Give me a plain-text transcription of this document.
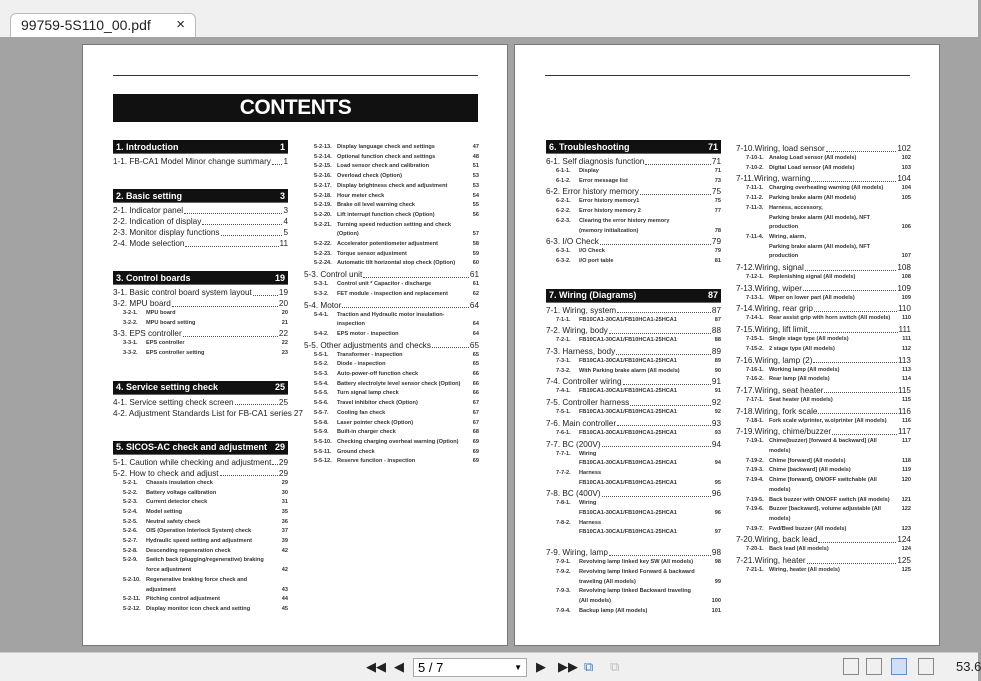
99759-5S110_00.pdf ×
CONTENTS
1. Introduction	1
1-1. FB-CA1 Model Minor change summary 1
2. Basic setting	3
2-1. Indicator panel	3
2-2. Indication of display	4
2-3. Monitor display functions	5
2-4. Mode selection	11
3. Control boards	19
3-1. Basic control board system layout	19
3-2. MPU board	20
3-2-1.	MPU board	20
3-2-2.	MPU board setting	21
3-3. EPS controller	22
3-3-1.	EPS controller	22
3-3-2.	EPS controller setting	23
4. Service setting check	25
4-1. Service setting check screen	25
4-2. Adjustment Standards List for FB-CA1 series 27
5. SICOS-AC check and adjustment 29
5-1. Caution while checking and adjustment 29
5-2. How to check and adjust	29
5-2-1.	Chassis insulation check	29
5-2-2.	Battery voltage calibration	30
5-2-3.	Current detector check	31
5-2-4.	Model setting	35
5-2-5.	Neutral safety check	36
5-2-6.	OIS (Operation Interlock System) check	37
5-2-7.	Hydraulic speed setting and adjustment	39
5-2-8.	Descending regeneration check	42
5-2-9.	Switch back (plugging/regenerative) braking
force adjustment	42
5-2-10. Regenerative braking force check and
adjustment	43
5-2-11. Pitching control adjustment	44
5-2-12. Display monitor icon check and setting	45
5-2-13. Display language check and settings	47
5-2-14. Optional function check and settings	48
5-2-15. Load sensor check and calibration	51
5-2-16. Overload check (Option)	53
5-2-17. Display brightness check and adjustment	53
5-2-18. Hour meter check	54
5-2-19. Brake oil level warning check	55
5-2-20. Lift interrupt function check (Option)	56
5-2-21. Turning speed reduction setting and check
(Option)	57
5-2-22. Accelerator potentiometer adjustment	58
5-2-23. Torque sensor adjustment	59
5-2-24. Automatic tilt horizontal stop check (Option)	60
5-3. Control unit	61
5-3-1.	Control unit * Capacitor - discharge	61
5-3-2.	FET module - inspection and replacement	62
5-4. Motor	64
5-4-1.	Traction and Hydraulic motor insulation-
inspection	64
5-4-2.	EPS motor - inspection	64
5-5. Other adjustments and checks	65
5-5-1.	Transformer - inspection	65
5-5-2.	Diode - inspection	65
5-5-3.	Auto-power-off function check	66
5-5-4.	Battery electrolyte level sensor check (Option)	66
5-5-5.	Turn signal lamp check	66
5-5-6.	Travel inhibitor check (Option)	67
5-5-7.	Cooling fan check	67
5-5-8.	Laser pointer check (Option)	67
5-5-9.	Built-in charger check	68
5-5-10. Checking charging overheat warning (Option)	69
5-5-11. Ground check	69
5-5-12. Reserve function - inspection	69
6. Troubleshooting	71
6-1. Self diagnosis function	71
6-1-1.	Display	71
6-1-2.	Error message list	73
6-2. Error history memory	75
6-2-1.	Error history memory1	75
6-2-2.	Error history memory 2	77
6-2-3.	Clearing the error history memory
(memory initialization)	78
6-3. I/O Check	79
6-3-1.	I/O Check	79
6-3-2.	I/O port table	81
7. Wiring (Diagrams)	87
7-1. Wiring, system	87
7-1-1.	FB10CA1-30CA1/FB10HCA1-25HCA1	87
7-2. Wiring, body	88
7-2-1.	FB10CA1-30CA1/FB10HCA1-25HCA1	88
7-3. Harness, body	89
7-3-1.	FB10CA1-30CA1/FB10HCA1-25HCA1	89
7-3-2.	With Parking brake alarm (All models)	90
7-4. Controller wiring	91
7-4-1.	FB10CA1-30CA1/FB10HCA1-25HCA1	91
7-5. Controller harness	92
7-5-1.	FB10CA1-30CA1/FB10HCA1-25HCA1	92
7-6. Main controller	93
7-6-1.	FB10CA1-30CA1/FB10HCA1-25HCA1	93
7-7. BC (200V)	94
7-7-1.	Wiring
FB10CA1-30CA1/FB10HCA1-25HCA1	94
7-7-2.	Harness
FB10CA1-30CA1/FB10HCA1-25HCA1	95
7-8. BC (400V)	96
7-8-1.	Wiring
FB10CA1-30CA1/FB10HCA1-25HCA1	96
7-8-2.	Harness
FB10CA1-30CA1/FB10HCA1-25HCA1	97
7-9. Wiring, lamp	98
7-9-1.	Revolving lamp linked key SW (All models)	98
7-9-2.	Revolving lamp linked Forward & backward
traveling (All models)	99
7-9-3.	Revolving lamp linked Backward traveling
(All models)	100
7-9-4.	Backup lamp (All models)	101
7-10.Wiring, load sensor	102
7-10-1. Analog Load sensor (All models)	102
7-10-2. Digital Load sensor (All models)	103
7-11.Wiring, warning	104
7-11-1. Charging overheating warning (All models)	104
7-11-2. Parking brake alarm (All models)	105
7-11-3. Harness, accessory,
Parking brake alarm (All models), NFT production	106
7-11-4. Wiring, alarm,
Parking brake alarm (All models), NFT production	107
7-12.Wiring, signal	108
7-12-1. Replenishing signal (All models)	108
7-13.Wiring, wiper	109
7-13-1. Wiper on lower part (All models)	109
7-14.Wiring, rear grip	110
7-14-1. Rear assist grip with horn switch (All models)	110
7-15.Wiring, lift limit	111
7-15-1. Single stage type (All models)	111
7-15-2. 2 stage type (All models)	112
7-16.Wiring, lamp (2)	113
7-16-1. Working lamp (All models)	113
7-16-2. Rear lamp (All models)	114
7-17.Wiring, seat heater	115
7-17-1. Seat heater (All models)	115
7-18.Wiring, fork scale	116
7-18-1. Fork scale w/printer, w.o/printer (All models)	116
7-19.Wiring, chime/buzzer	117
7-19-1. Chime(buzzer) [forward & backward] (All models)
117
7-19-2. Chime [forward] (All models)	118
7-19-3. Chime [backward] (All models)	119
7-19-4. Chime [forward], ON/OFF switchable (All models)
120
7-19-5. Back buzzer with ON/OFF switch (All models)	121
7-19-6. Buzzer [backward], volume adjustable (All models)
122
7-19-7. Fwd/Bwd buzzer (All models)	123
7-20.Wiring, back lead	124
7-20-1. Back lead (All models)	124
7-21.Wiring, heater	125
7-21-1. Wiring, heater (All models)	125
◀◀ ◀	5 / 7	▼ ▶ ▶▶ ⧉ ⧉	53.6
